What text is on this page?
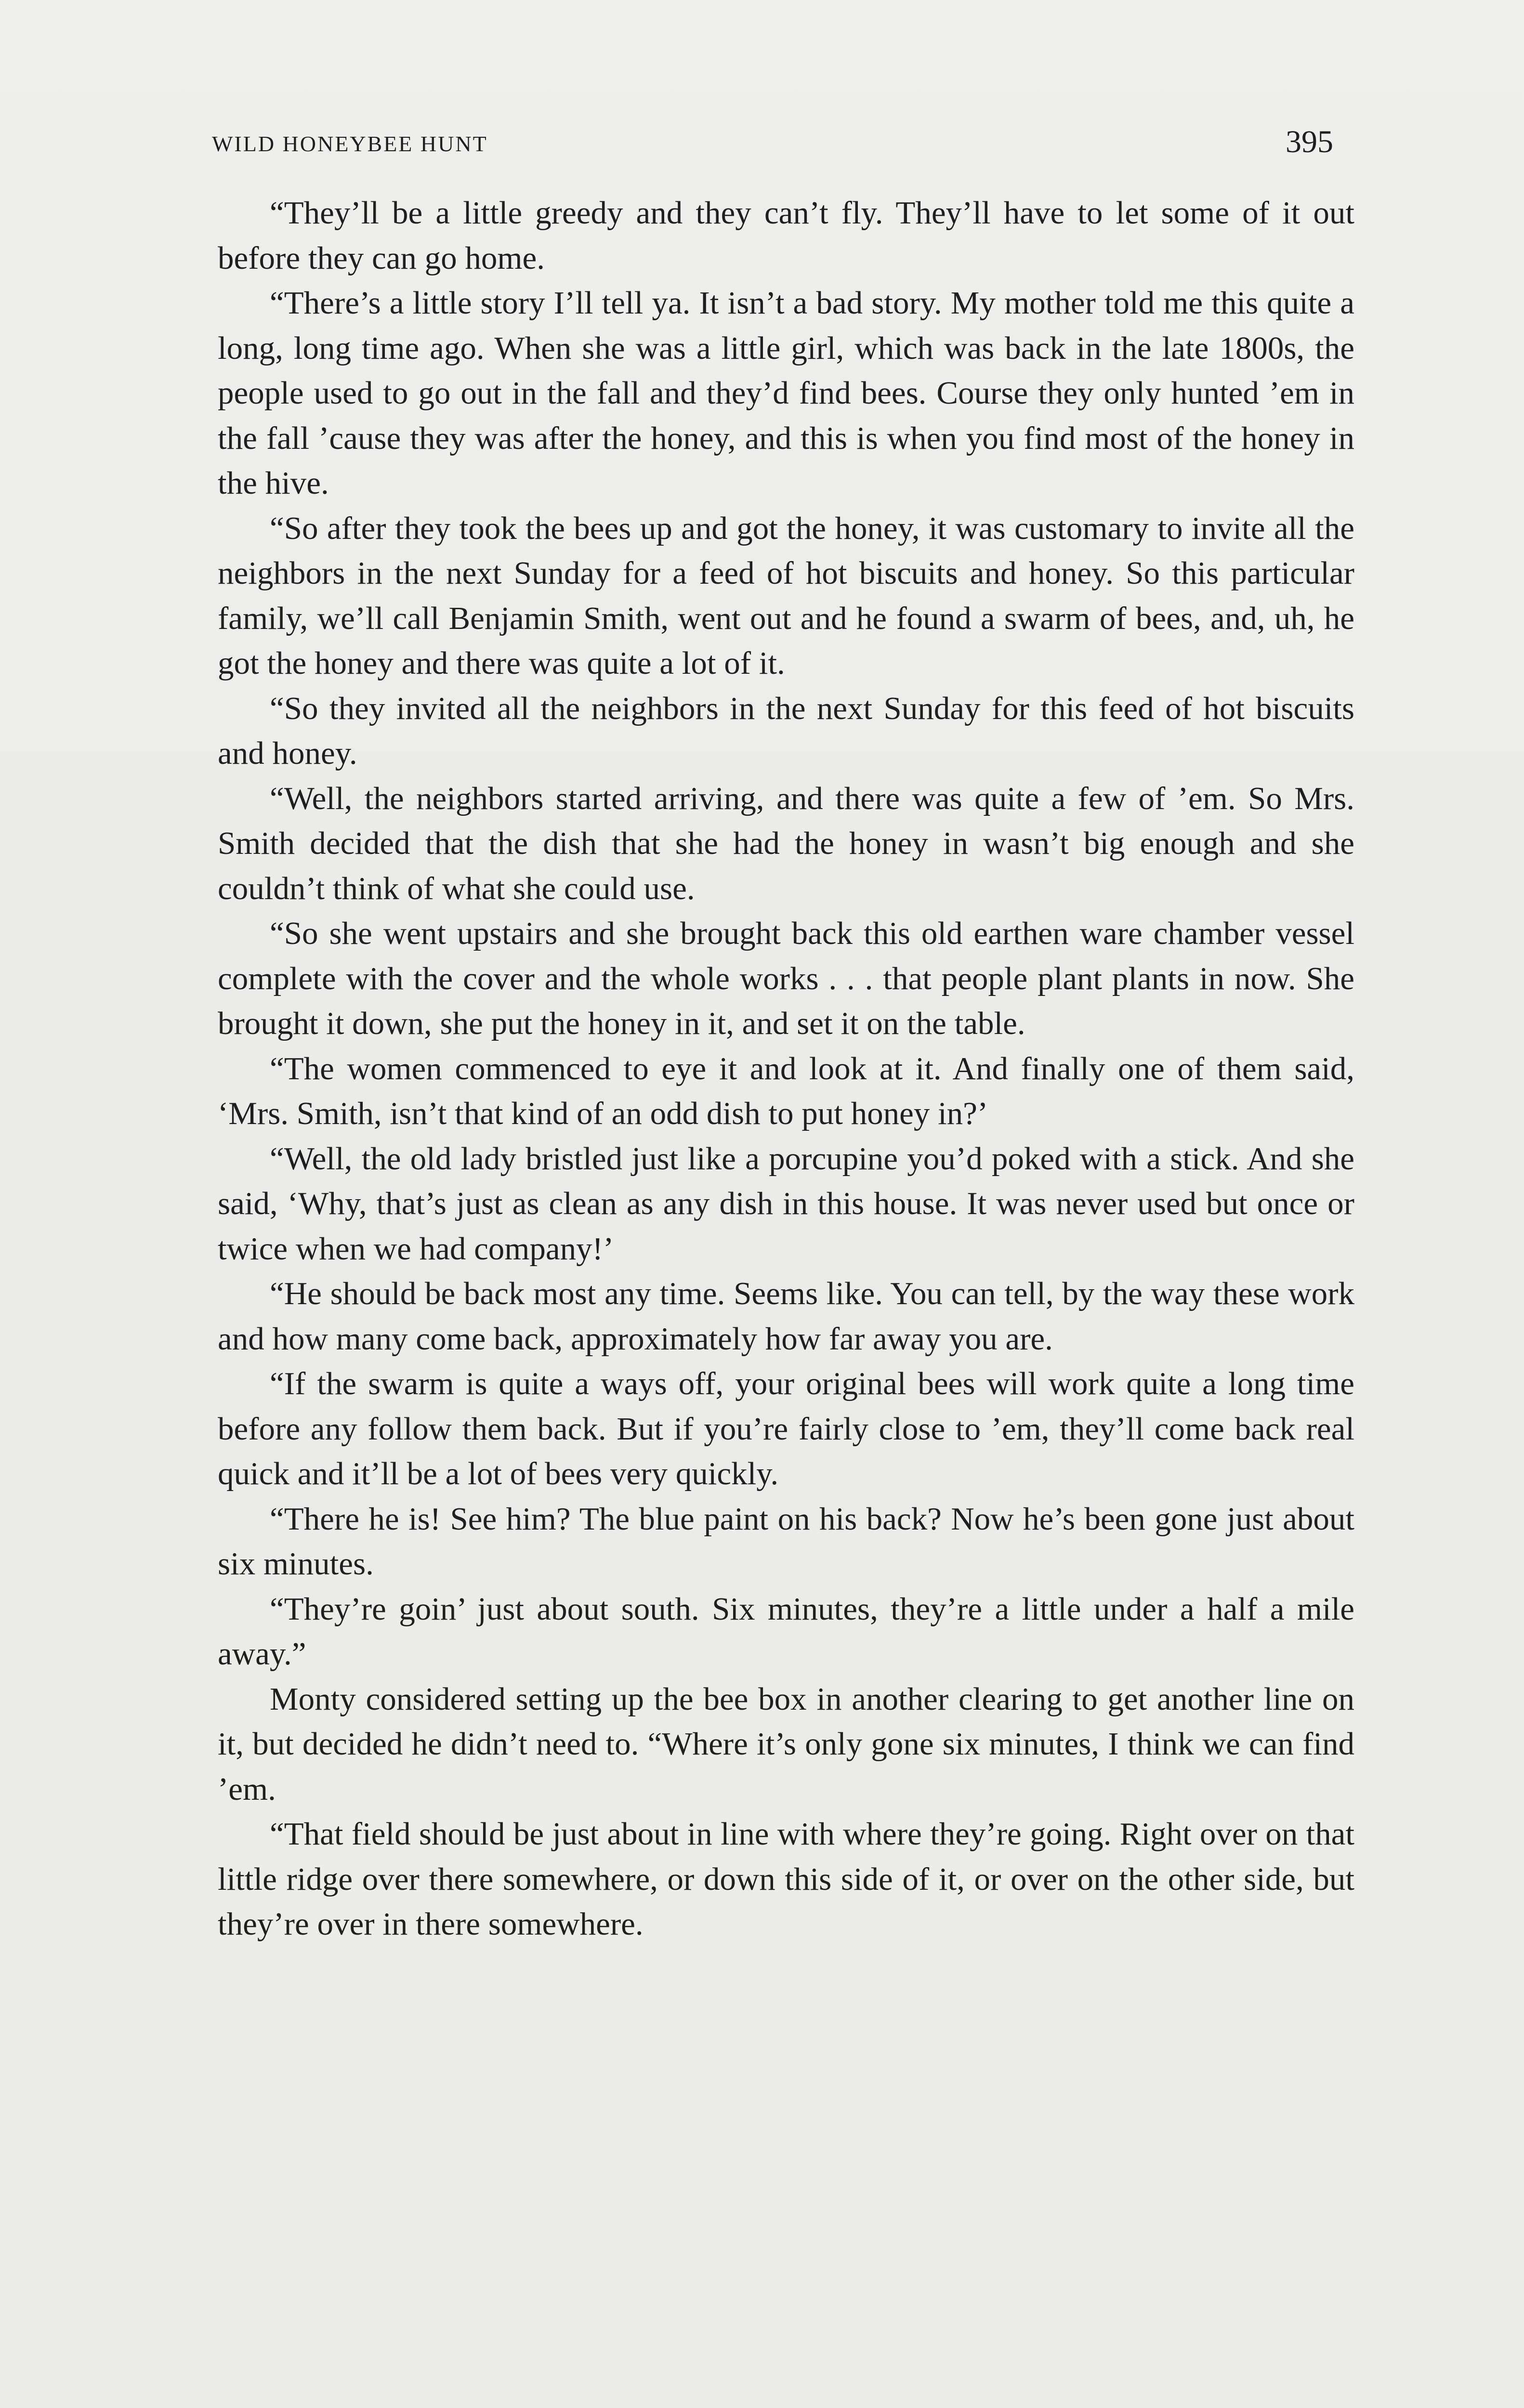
WILD HONEYBEE HUNT	395

“They’ll be a little greedy and they can’t fly. They’ll have to let some of it out before they can go home.

“There’s a little story I’ll tell ya. It isn’t a bad story. My mother told me this quite a long, long time ago. When she was a little girl, which was back in the late 1800s, the people used to go out in the fall and they’d find bees. Course they only hunted ’em in the fall ’cause they was after the honey, and this is when you find most of the honey in the hive.

“So after they took the bees up and got the honey, it was customary to invite all the neighbors in the next Sunday for a feed of hot biscuits and honey. So this particular family, we’ll call Benjamin Smith, went out and he found a swarm of bees, and, uh, he got the honey and there was quite a lot of it.

“So they invited all the neighbors in the next Sunday for this feed of hot biscuits and honey.

“Well, the neighbors started arriving, and there was quite a few of ’em. So Mrs. Smith decided that the dish that she had the honey in wasn’t big enough and she couldn’t think of what she could use.

“So she went upstairs and she brought back this old earthen ware chamber vessel complete with the cover and the whole works . . . that people plant plants in now. She brought it down, she put the honey in it, and set it on the table.

“The women commenced to eye it and look at it. And finally one of them said, ‘Mrs. Smith, isn’t that kind of an odd dish to put honey in?’

“Well, the old lady bristled just like a porcupine you’d poked with a stick. And she said, ‘Why, that’s just as clean as any dish in this house. It was never used but once or twice when we had company!’

“He should be back most any time. Seems like. You can tell, by the way these work and how many come back, approximately how far away you are.

“If the swarm is quite a ways off, your original bees will work quite a long time before any follow them back. But if you’re fairly close to ’em, they’ll come back real quick and it’ll be a lot of bees very quickly.

“There he is! See him? The blue paint on his back? Now he’s been gone just about six minutes.

“They’re goin’ just about south. Six minutes, they’re a little under a half a mile away.”

Monty considered setting up the bee box in another clearing to get another line on it, but decided he didn’t need to. “Where it’s only gone six minutes, I think we can find ’em.

“That field should be just about in line with where they’re going. Right over on that little ridge over there somewhere, or down this side of it, or over on the other side, but they’re over in there somewhere.
